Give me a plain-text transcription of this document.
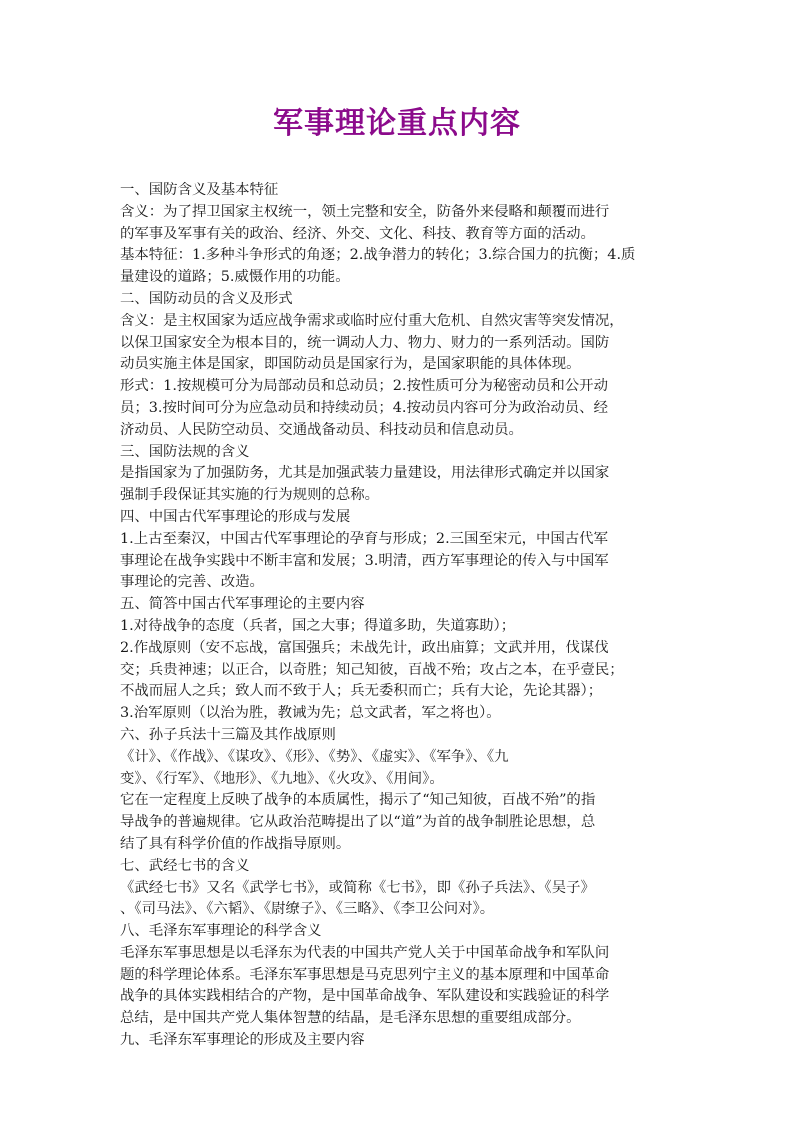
军事理论重点内容
一、国防含义及基本特征
含义：为了捍卫国家主权统一，领土完整和安全，防备外来侵略和颠覆而进行
的军事及军事有关的政治、经济、外交、文化、科技、教育等方面的活动。
基本特征：1.多种斗争形式的角逐；2.战争潜力的转化；3.综合国力的抗衡；4.质
量建设的道路；5.威慑作用的功能。
二、国防动员的含义及形式
含义：是主权国家为适应战争需求或临时应付重大危机、自然灾害等突发情况，
以保卫国家安全为根本目的，统一调动人力、物力、财力的一系列活动。国防
动员实施主体是国家，即国防动员是国家行为，是国家职能的具体体现。
形式：1.按规模可分为局部动员和总动员；2.按性质可分为秘密动员和公开动
员；3.按时间可分为应急动员和持续动员；4.按动员内容可分为政治动员、经
济动员、人民防空动员、交通战备动员、科技动员和信息动员。
三、国防法规的含义
是指国家为了加强防务，尤其是加强武装力量建设，用法律形式确定并以国家
强制手段保证其实施的行为规则的总称。
四、中国古代军事理论的形成与发展
1.上古至秦汉，中国古代军事理论的孕育与形成；2.三国至宋元，中国古代军
事理论在战争实践中不断丰富和发展；3.明清，西方军事理论的传入与中国军
事理论的完善、改造。
五、简答中国古代军事理论的主要内容
1.对待战争的态度（兵者，国之大事；得道多助，失道寡助）；
2.作战原则（安不忘战，富国强兵；未战先计，政出庙算；文武并用，伐谋伐
交；兵贵神速；以正合，以奇胜；知己知彼，百战不殆；攻占之本，在乎壹民；
不战而屈人之兵；致人而不致于人；兵无委积而亡；兵有大论，先论其器）；
3.治军原则（以治为胜，教诫为先；总文武者，军之将也）。
六、孙子兵法十三篇及其作战原则
《计》、《作战》、《谋攻》、《形》、《势》、《虚实》、《军争》、《九
变》、《行军》、《地形》、《九地》、《火攻》、《用间》。
它在一定程度上反映了战争的本质属性，揭示了“知己知彼，百战不殆”的指
导战争的普遍规律。它从政治范畴提出了以“道”为首的战争制胜论思想，总
结了具有科学价值的作战指导原则。
七、武经七书的含义
《武经七书》又名《武学七书》，或简称《七书》，即《孙子兵法》、《吴子》
、《司马法》、《六韬》、《尉缭子》、《三略》、《李卫公问对》。
八、毛泽东军事理论的科学含义
毛泽东军事思想是以毛泽东为代表的中国共产党人关于中国革命战争和军队问
题的科学理论体系。毛泽东军事思想是马克思列宁主义的基本原理和中国革命
战争的具体实践相结合的产物，是中国革命战争、军队建设和实践验证的科学
总结，是中国共产党人集体智慧的结晶，是毛泽东思想的重要组成部分。
九、毛泽东军事理论的形成及主要内容
